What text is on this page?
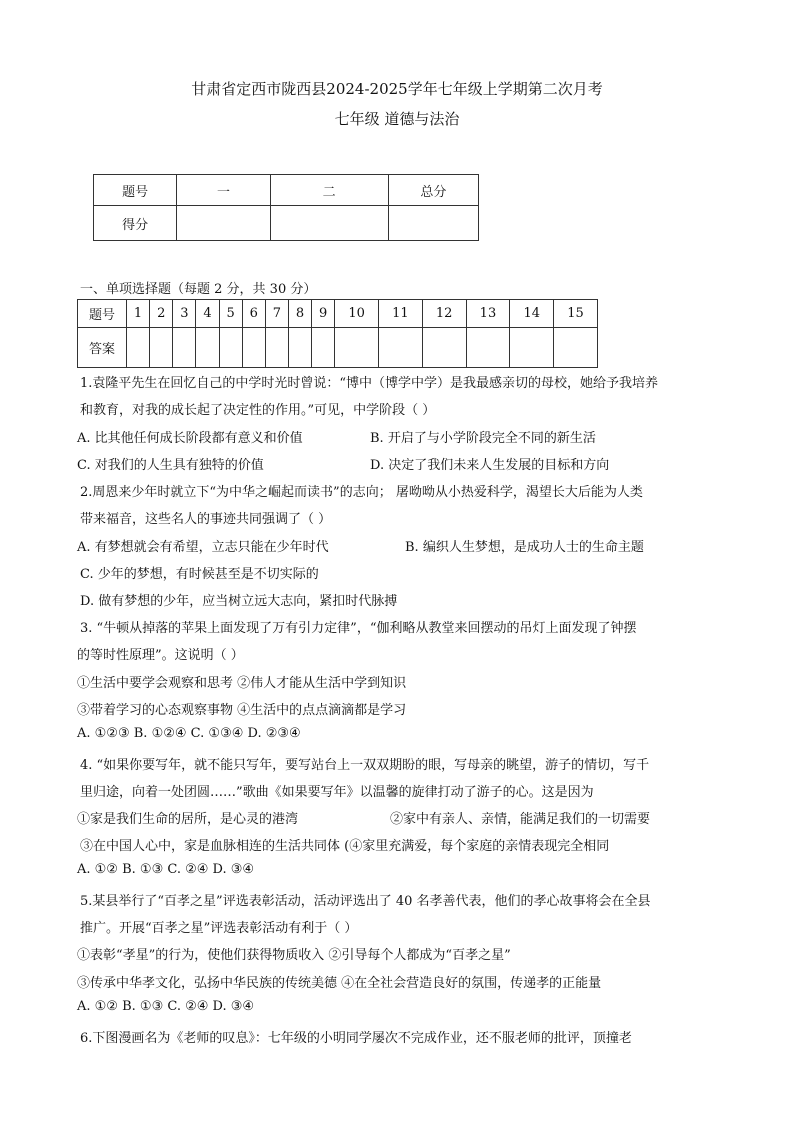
甘肃省定西市陇西县2024-2025学年七年级上学期第二次月考
七年级 道德与法治
题号	一	二	总分
得分			
一、单项选择题（每题 2 分，共 30 分）
题号	1	2	3	4	5	6	7	8	9	10	11	12	13	14	15
答案															
1.袁隆平先生在回忆自己的中学时光时曾说：“博中（博学中学）是我最感亲切的母校，她给予我培养
和教育，对我的成长起了决定性的作用。”可见，中学阶段（ ）
A. 比其他任何成长阶段都有意义和价值	B. 开启了与小学阶段完全不同的新生活
C. 对我们的人生具有独特的价值	D. 决定了我们未来人生发展的目标和方向
2.周恩来少年时就立下“为中华之崛起而读书”的志向； 屠呦呦从小热爱科学，渴望长大后能为人类
带来福音，这些名人的事迹共同强调了（ ）
A. 有梦想就会有希望，立志只能在少年时代	B. 编织人生梦想，是成功人士的生命主题
C. 少年的梦想，有时候甚至是不切实际的
D. 做有梦想的少年，应当树立远大志向，紧扣时代脉搏
3. “牛顿从掉落的苹果上面发现了万有引力定律”，“伽利略从教堂来回摆动的吊灯上面发现了钟摆
的等时性原理”。这说明（ ）
①生活中要学会观察和思考 ②伟人才能从生活中学到知识
③带着学习的心态观察事物 ④生活中的点点滴滴都是学习
A. ①②③ B. ①②④ C. ①③④ D. ②③④
4. “如果你要写年，就不能只写年，要写站台上一双双期盼的眼，写母亲的眺望，游子的情切，写千
里归途，向着一处团圆……”歌曲《如果要写年》以温馨的旋律打动了游子的心。这是因为
①家是我们生命的居所，是心灵的港湾	②家中有亲人、亲情，能满足我们的一切需要
③在中国人心中，家是血脉相连的生活共同体 (④家里充满爱，每个家庭的亲情表现完全相同
A. ①② B. ①③ C. ②④ D. ③④
5.某县举行了“百孝之星”评选表彰活动，活动评选出了 40 名孝善代表，他们的孝心故事将会在全县
推广。开展“百孝之星”评选表彰活动有利于（ ）
①表彰“孝星”的行为，使他们获得物质收入 ②引导每个人都成为“百孝之星”
③传承中华孝文化，弘扬中华民族的传统美德 ④在全社会营造良好的氛围，传递孝的正能量
A. ①② B. ①③ C. ②④ D. ③④
6.下图漫画名为《老师的叹息》：七年级的小明同学屡次不完成作业，还不服老师的批评，顶撞老
